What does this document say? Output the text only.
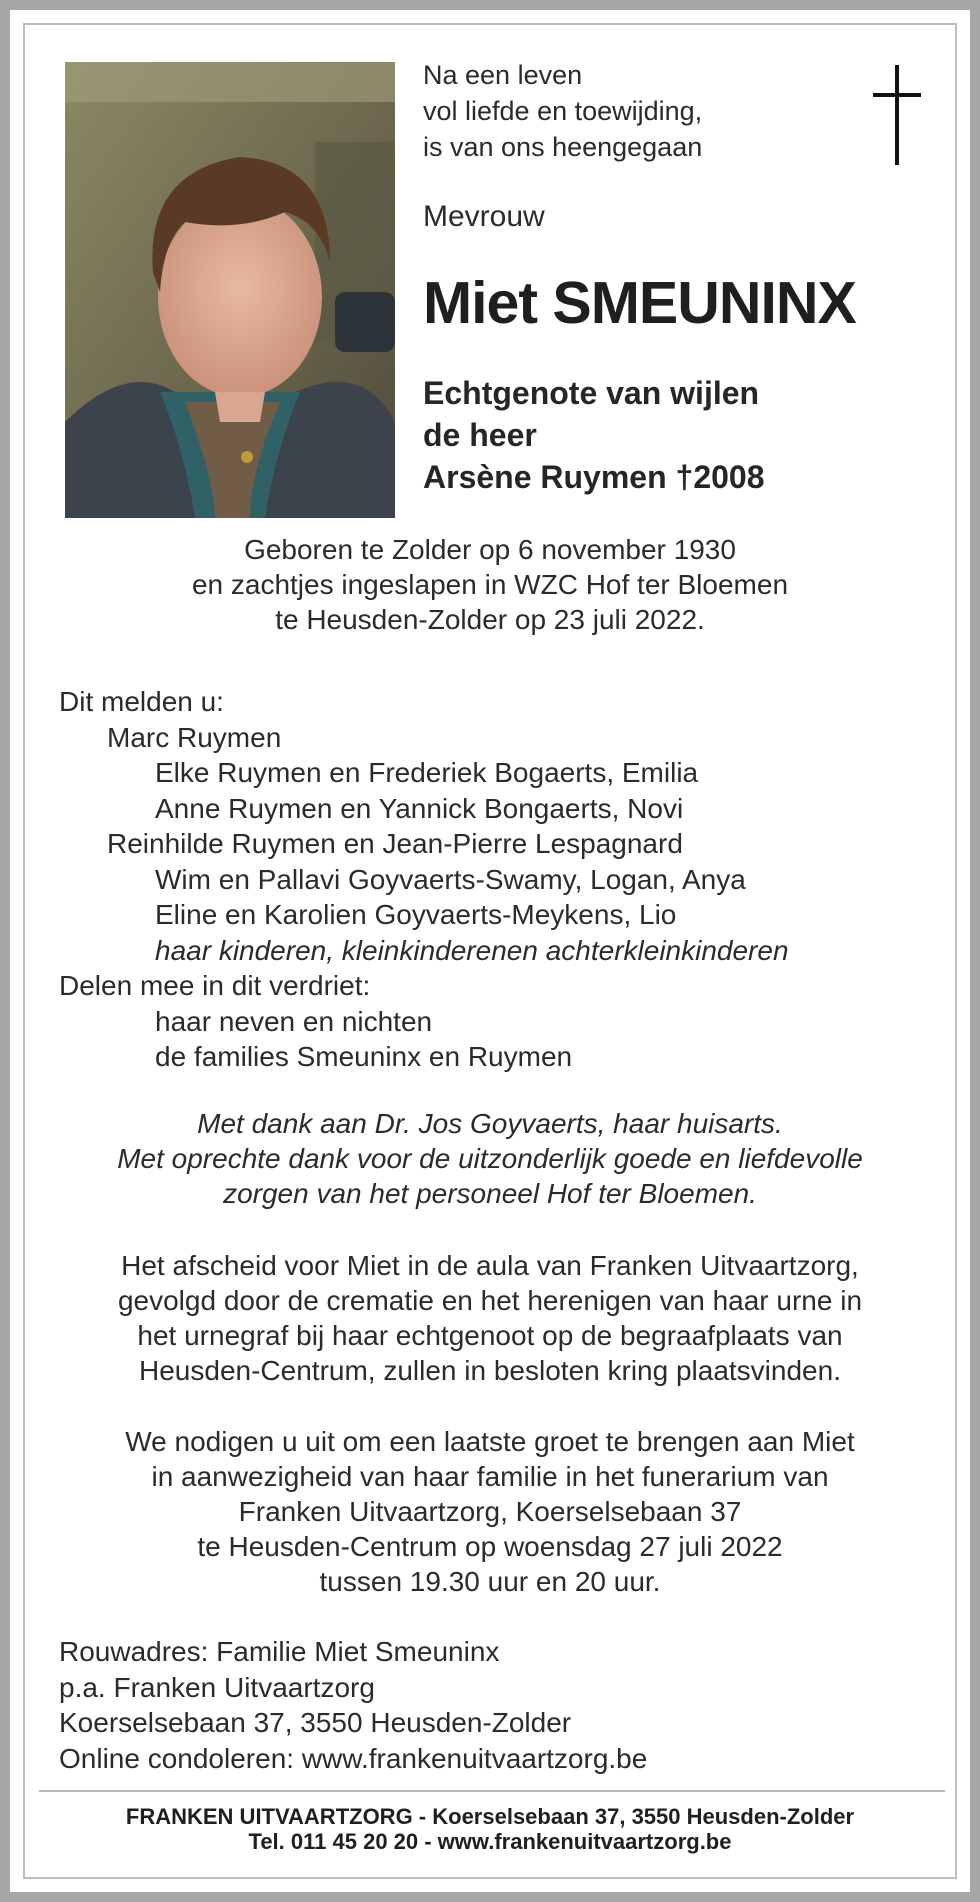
Na een leven
vol liefde en toewijding,
is van ons heengegaan
Mevrouw
Miet SMEUNINX
Echtgenote van wijlen
de heer
Arsène Ruymen †2008
Geboren te Zolder op 6 november 1930
en zachtjes ingeslapen in WZC Hof ter Bloemen
te Heusden-Zolder op 23 juli 2022.
Dit melden u:
Marc Ruymen
Elke Ruymen en Frederiek Bogaerts, Emilia
Anne Ruymen en Yannick Bongaerts, Novi
Reinhilde Ruymen en Jean-Pierre Lespagnard
Wim en Pallavi Goyvaerts-Swamy, Logan, Anya
Eline en Karolien Goyvaerts-Meykens, Lio
haar kinderen, kleinkinderenen achterkleinkinderen
Delen mee in dit verdriet:
haar neven en nichten
de families Smeuninx en Ruymen
Met dank aan Dr. Jos Goyvaerts, haar huisarts.
Met oprechte dank voor de uitzonderlijk goede en liefdevolle
zorgen van het personeel Hof ter Bloemen.
Het afscheid voor Miet in de aula van Franken Uitvaartzorg,
gevolgd door de crematie en het herenigen van haar urne in
het urnegraf bij haar echtgenoot op de begraafplaats van
Heusden-Centrum, zullen in besloten kring plaatsvinden.
We nodigen u uit om een laatste groet te brengen aan Miet
in aanwezigheid van haar familie in het funerarium van
Franken Uitvaartzorg, Koerselsebaan 37
te Heusden-Centrum op woensdag 27 juli 2022
tussen 19.30 uur en 20 uur.
Rouwadres: Familie Miet Smeuninx
p.a. Franken Uitvaartzorg
Koerselsebaan 37, 3550 Heusden-Zolder
Online condoleren: www.frankenuitvaartzorg.be
FRANKEN UITVAARTZORG - Koerselsebaan 37, 3550 Heusden-Zolder
Tel. 011 45 20 20 - www.frankenuitvaartzorg.be
